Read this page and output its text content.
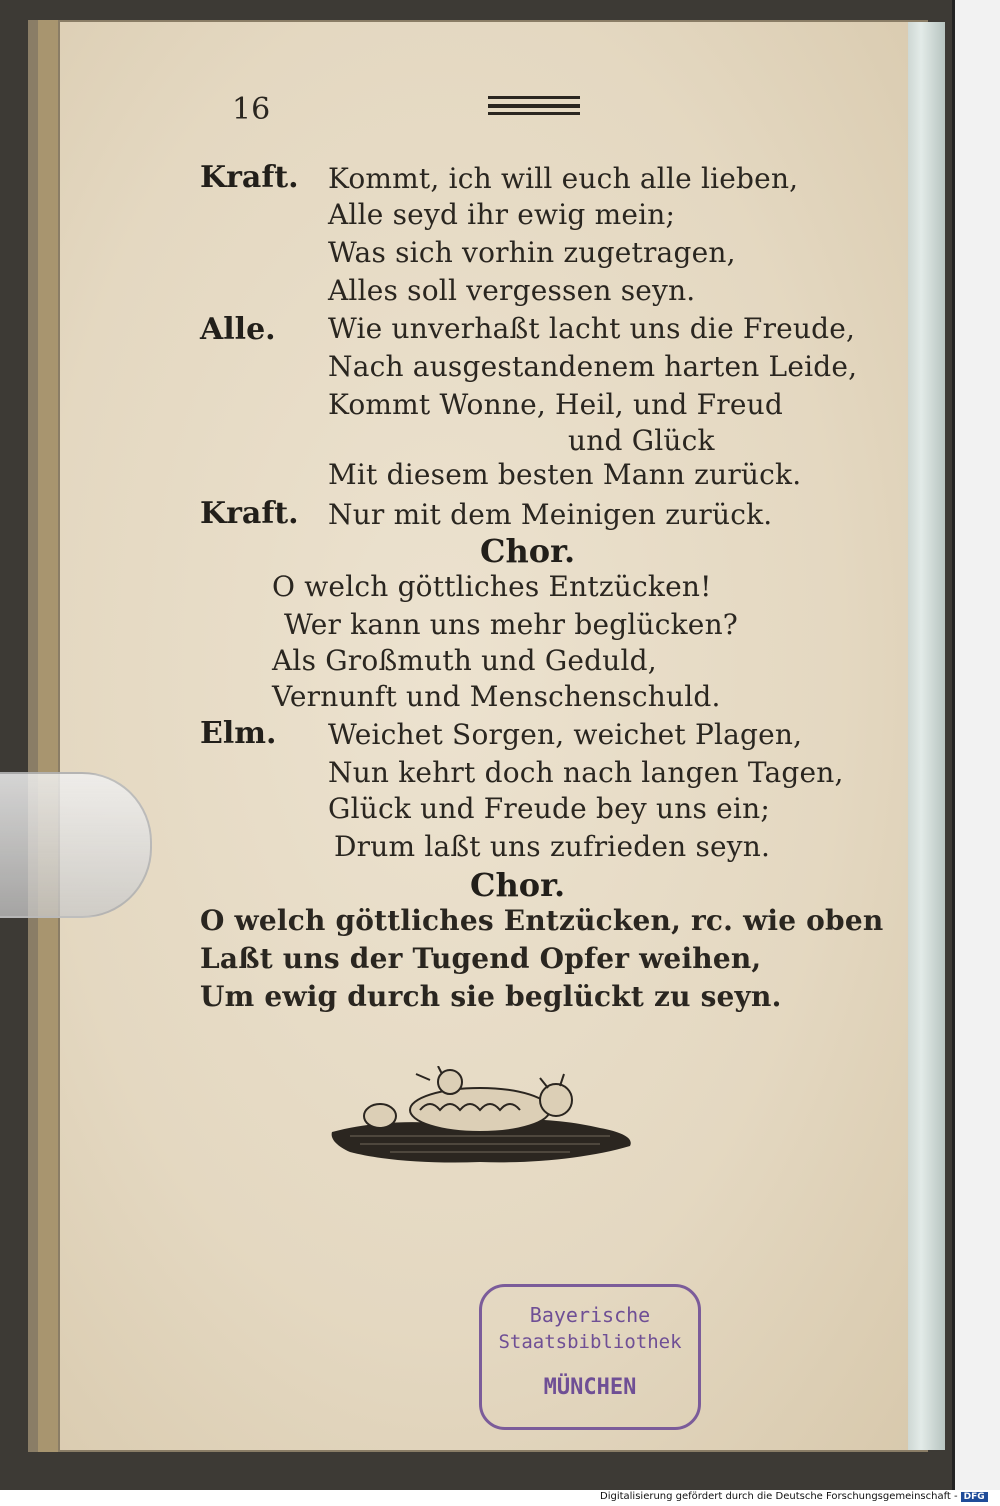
16
Kraft. Kommt, ich will euch alle lieben,
Alle seyd ihr ewig mein;
Was sich vorhin zugetragen,
Alles soll vergessen seyn.
Alle. Wie unverhaßt lacht uns die Freude,
Nach ausgestandenem harten Leide,
Kommt Wonne, Heil, und Freud
und Glück
Mit diesem besten Mann zurück.
Kraft. Nur mit dem Meinigen zurück.
Chor.
O welch göttliches Entzücken!
Wer kann uns mehr beglücken?
Als Großmuth und Geduld,
Vernunft und Menschenschuld.
Elm. Weichet Sorgen, weichet Plagen,
Nun kehrt doch nach langen Tagen,
Glück und Freude bey uns ein;
Drum laßt uns zufrieden seyn.
Chor.
O welch göttliches Entzücken, rc. wie oben
Laßt uns der Tugend Opfer weihen,
Um ewig durch sie beglückt zu seyn.
Bayerische
Staatsbibliothek
MÜNCHEN
Digitalisierung gefördert durch die Deutsche Forschungsgemeinschaft - DFG
